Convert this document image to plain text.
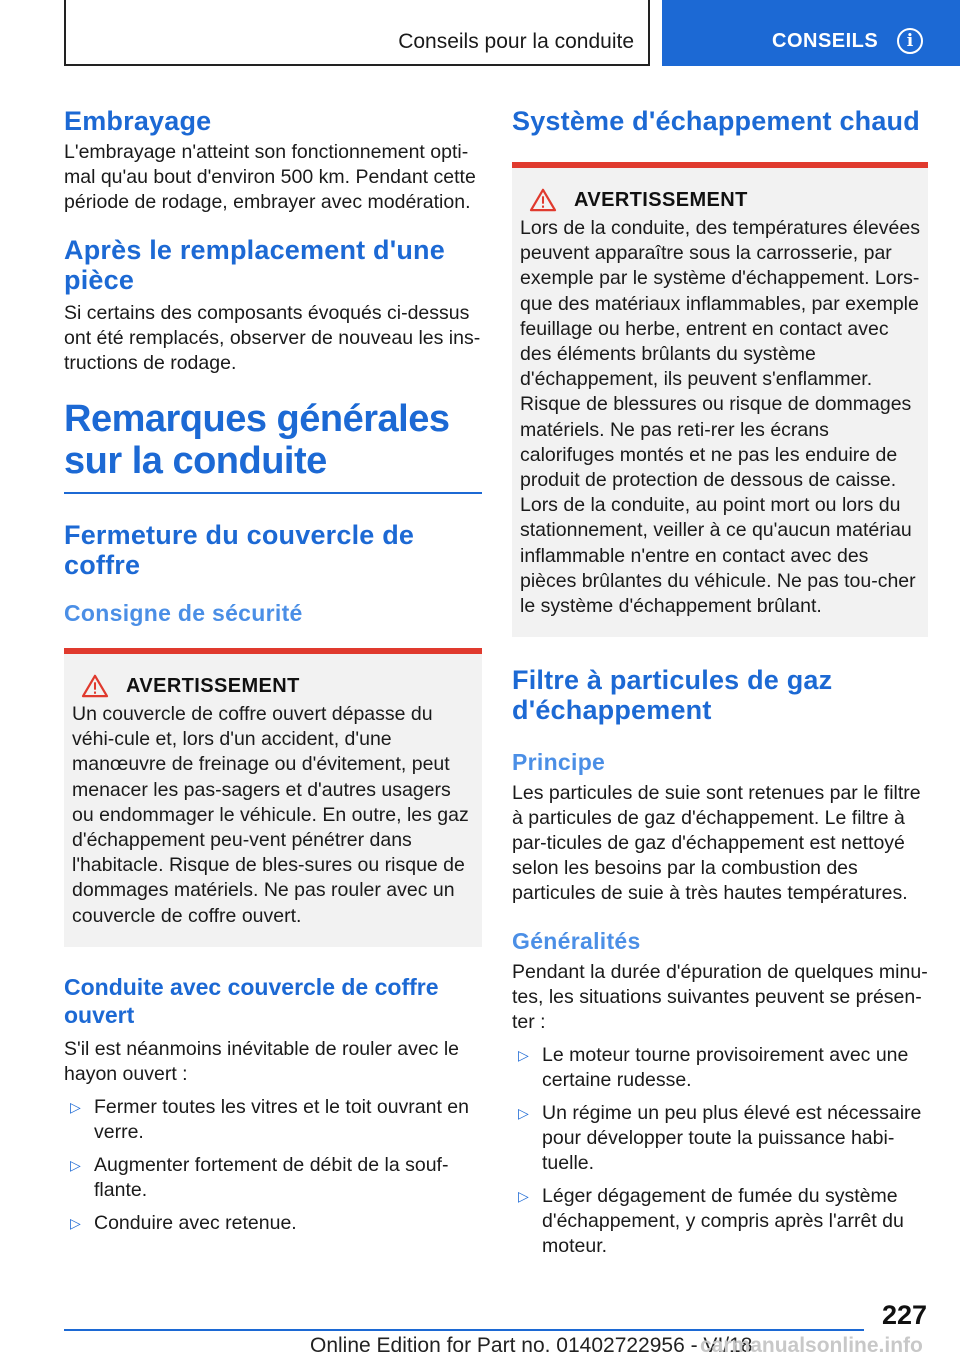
Conseils pour la conduite	CONSEILS	i
Embrayage
L'embrayage n'atteint son fonctionnement opti-mal qu'au bout d'environ 500 km. Pendant cette période de rodage, embrayer avec modération.
Après le remplacement d'une pièce
Si certains des composants évoqués ci-dessus ont été remplacés, observer de nouveau les ins-tructions de rodage.
Remarques générales sur la conduite
Fermeture du couvercle de coffre
Consigne de sécurité
AVERTISSEMENT
Un couvercle de coffre ouvert dépasse du véhi-cule et, lors d'un accident, d'une manœuvre de freinage ou d'évitement, peut menacer les pas-sagers et d'autres usagers ou endommager le véhicule. En outre, les gaz d'échappement peu-vent pénétrer dans l'habitacle. Risque de bles-sures ou risque de dommages matériels. Ne pas rouler avec un couvercle de coffre ouvert.
Conduite avec couvercle de coffre ouvert
S'il est néanmoins inévitable de rouler avec le hayon ouvert :
▷ Fermer toutes les vitres et le toit ouvrant en verre.
▷ Augmenter fortement de débit de la souf-flante.
▷ Conduire avec retenue.
Système d'échappement chaud
AVERTISSEMENT
Lors de la conduite, des températures élevées peuvent apparaître sous la carrosserie, par exemple par le système d'échappement. Lors-que des matériaux inflammables, par exemple feuillage ou herbe, entrent en contact avec des éléments brûlants du système d'échappement, ils peuvent s'enflammer. Risque de blessures ou risque de dommages matériels. Ne pas reti-rer les écrans calorifuges montés et ne pas les enduire de produit de protection de dessous de caisse. Lors de la conduite, au point mort ou lors du stationnement, veiller à ce qu'aucun matériau inflammable n'entre en contact avec des pièces brûlantes du véhicule. Ne pas tou-cher le système d'échappement brûlant.
Filtre à particules de gaz d'échappement
Principe
Les particules de suie sont retenues par le filtre à particules de gaz d'échappement. Le filtre à par-ticules de gaz d'échappement est nettoyé selon les besoins par la combustion des particules de suie à très hautes températures.
Généralités
Pendant la durée d'épuration de quelques minu-tes, les situations suivantes peuvent se présen-ter :
▷ Le moteur tourne provisoirement avec une certaine rudesse.
▷ Un régime un peu plus élevé est nécessaire pour développer toute la puissance habi-tuelle.
▷ Léger dégagement de fumée du système d'échappement, y compris après l'arrêt du moteur.
227
Online Edition for Part no. 01402722956 - VI/18
carmanualsonline.info
